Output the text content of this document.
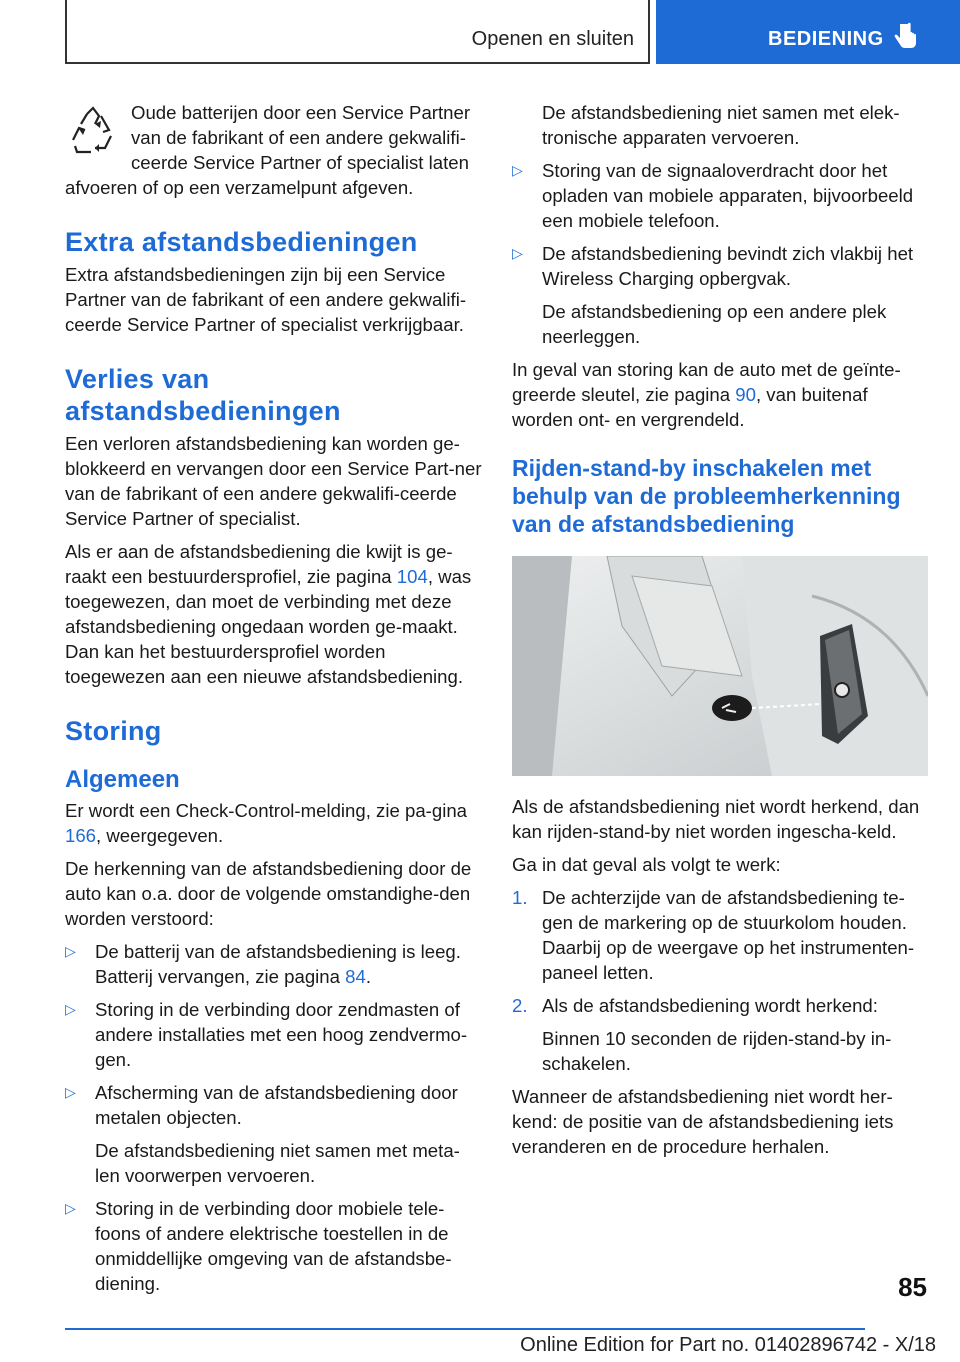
Openen en sluiten	BEDIENING

Oude batterijen door een Service Partner van de fabrikant of een andere gekwalifi-ceerde Service Partner of specialist laten afvoeren of op een verzamelpunt afgeven.

Extra afstandsbedieningen

Extra afstandsbedieningen zijn bij een Service Partner van de fabrikant of een andere gekwalifi-ceerde Service Partner of specialist verkrijgbaar.

Verlies van afstandsbedieningen

Een verloren afstandsbediening kan worden ge-blokkeerd en vervangen door een Service Part-ner van de fabrikant of een andere gekwalifi-ceerde Service Partner of specialist.

Als er aan de afstandsbediening die kwijt is ge-raakt een bestuurdersprofiel, zie pagina 104, was toegewezen, dan moet de verbinding met deze afstandsbediening ongedaan worden ge-maakt. Dan kan het bestuurdersprofiel worden toegewezen aan een nieuwe afstandsbediening.

Storing
Algemeen

Er wordt een Check-Control-melding, zie pa-gina 166, weergegeven.

De herkenning van de afstandsbediening door de auto kan o.a. door de volgende omstandighe-den worden verstoord:

▷ De batterij van de afstandsbediening is leeg. Batterij vervangen, zie pagina 84.
▷ Storing in de verbinding door zendmasten of andere installaties met een hoog zendvermo-gen.
▷ Afscherming van de afstandsbediening door metalen objecten.
De afstandsbediening niet samen met meta-len voorwerpen vervoeren.
▷ Storing in de verbinding door mobiele tele-foons of andere elektrische toestellen in de onmiddellijke omgeving van de afstandsbe-diening.
De afstandsbediening niet samen met elek-tronische apparaten vervoeren.
▷ Storing van de signaaloverdracht door het opladen van mobiele apparaten, bijvoorbeeld een mobiele telefoon.
▷ De afstandsbediening bevindt zich vlakbij het Wireless Charging opbergvak.
De afstandsbediening op een andere plek neerleggen.

In geval van storing kan de auto met de geïnte-greerde sleutel, zie pagina 90, van buitenaf worden ont- en vergrendeld.

Rijden-stand-by inschakelen met behulp van de probleemherkenning van de afstandsbediening

Als de afstandsbediening niet wordt herkend, dan kan rijden-stand-by niet worden ingescha-keld.

Ga in dat geval als volgt te werk:

1. De achterzijde van de afstandsbediening te-gen de markering op de stuurkolom houden. Daarbij op de weergave op het instrumenten-paneel letten.
2. Als de afstandsbediening wordt herkend:
Binnen 10 seconden de rijden-stand-by in-schakelen.

Wanneer de afstandsbediening niet wordt her-kend: de positie van de afstandsbediening iets veranderen en de procedure herhalen.

85
Online Edition for Part no. 01402896742 - X/18
